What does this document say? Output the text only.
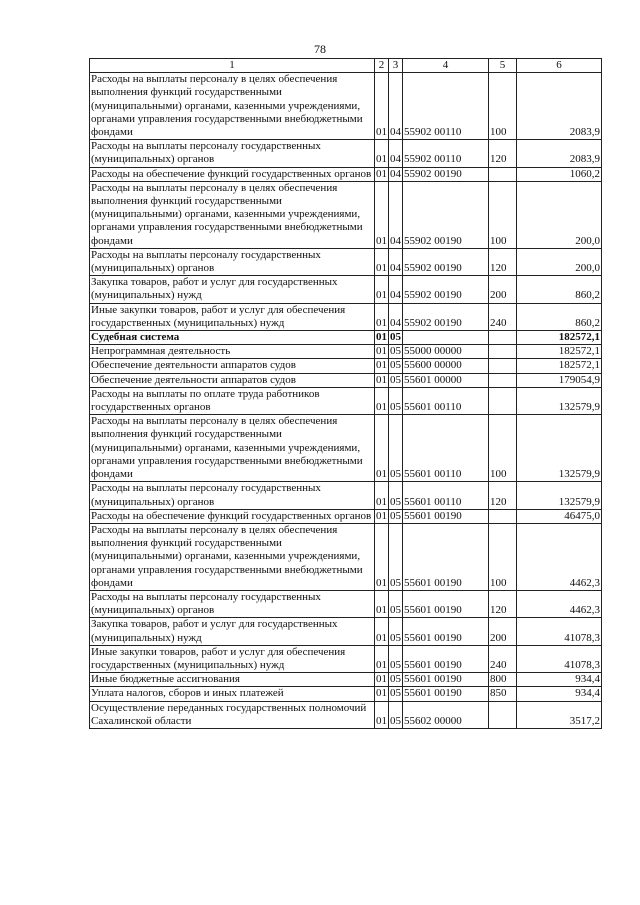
78
1	2	3	4	5	6
Расходы на выплаты персоналу в целях обеспечения выполнения функций государственными (муниципальными) органами, казенными учреждениями, органами управления государственными внебюджетными фондами	01	04	55902 00110	100	2083,9
Расходы на выплаты персоналу государственных (муниципальных) органов	01	04	55902 00110	120	2083,9
Расходы на обеспечение функций государственных органов	01	04	55902 00190		1060,2
Расходы на выплаты персоналу в целях обеспечения выполнения функций государственными (муниципальными) органами, казенными учреждениями, органами управления государственными внебюджетными фондами	01	04	55902 00190	100	200,0
Расходы на выплаты персоналу государственных (муниципальных) органов	01	04	55902 00190	120	200,0
Закупка товаров, работ и услуг для государственных (муниципальных) нужд	01	04	55902 00190	200	860,2
Иные закупки товаров, работ и услуг для обеспечения государственных (муниципальных) нужд	01	04	55902 00190	240	860,2
Судебная система	01	05			182572,1
Непрограммная деятельность	01	05	55000 00000		182572,1
Обеспечение деятельности аппаратов судов	01	05	55600 00000		182572,1
Обеспечение деятельности аппаратов судов	01	05	55601 00000		179054,9
Расходы на выплаты по оплате труда работников государственных органов	01	05	55601 00110		132579,9
Расходы на выплаты персоналу в целях обеспечения выполнения функций государственными (муниципальными) органами, казенными учреждениями, органами управления государственными внебюджетными фондами	01	05	55601 00110	100	132579,9
Расходы на выплаты персоналу государственных (муниципальных) органов	01	05	55601 00110	120	132579,9
Расходы на обеспечение функций государственных органов	01	05	55601 00190		46475,0
Расходы на выплаты персоналу в целях обеспечения выполнения функций государственными (муниципальными) органами, казенными учреждениями, органами управления государственными внебюджетными фондами	01	05	55601 00190	100	4462,3
Расходы на выплаты персоналу государственных (муниципальных) органов	01	05	55601 00190	120	4462,3
Закупка товаров, работ и услуг для государственных (муниципальных) нужд	01	05	55601 00190	200	41078,3
Иные закупки товаров, работ и услуг для обеспечения государственных (муниципальных) нужд	01	05	55601 00190	240	41078,3
Иные бюджетные ассигнования	01	05	55601 00190	800	934,4
Уплата налогов, сборов и иных платежей	01	05	55601 00190	850	934,4
Осуществление переданных государственных полномочий Сахалинской области	01	05	55602 00000		3517,2
